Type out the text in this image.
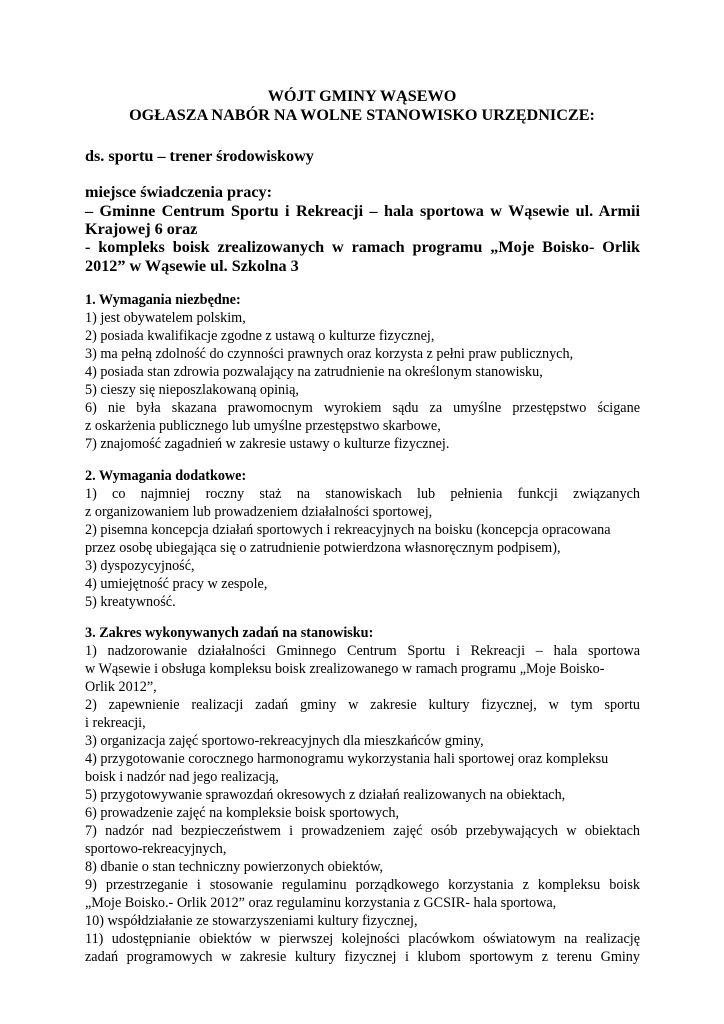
WÓJT GMINY WĄSEWO
OGŁASZA NABÓR NA WOLNE STANOWISKO URZĘDNICZE:
ds. sportu – trener środowiskowy
miejsce świadczenia pracy:
– Gminne Centrum Sportu i Rekreacji – hala sportowa w Wąsewie ul. Armii
Krajowej 6 oraz
- kompleks boisk zrealizowanych w ramach programu „Moje Boisko- Orlik
2012” w Wąsewie ul. Szkolna 3
1. Wymagania niezbędne:
1) jest obywatelem polskim,
2) posiada kwalifikacje zgodne z ustawą o kulturze fizycznej,
3) ma pełną zdolność do czynności prawnych oraz korzysta z pełni praw publicznych,
4) posiada stan zdrowia pozwalający na zatrudnienie na określonym stanowisku,
5) cieszy się nieposzlakowaną opinią,
6) nie była skazana prawomocnym wyrokiem sądu za umyślne przestępstwo ścigane
z oskarżenia publicznego lub umyślne przestępstwo skarbowe,
7) znajomość zagadnień w zakresie ustawy o kulturze fizycznej.
2. Wymagania dodatkowe:
1) co najmniej roczny staż na stanowiskach lub pełnienia funkcji związanych
z organizowaniem lub prowadzeniem działalności sportowej,
2) pisemna koncepcja działań sportowych i rekreacyjnych na boisku (koncepcja opracowana
przez osobę ubiegająca się o zatrudnienie potwierdzona własnoręcznym podpisem),
3) dyspozycyjność,
4) umiejętność pracy w zespole,
5) kreatywność.
3. Zakres wykonywanych zadań na stanowisku:
1) nadzorowanie działalności Gminnego Centrum Sportu i Rekreacji – hala sportowa
w Wąsewie i obsługa kompleksu boisk zrealizowanego w ramach programu „Moje Boisko-
Orlik 2012”,
2) zapewnienie realizacji zadań gminy w zakresie kultury fizycznej, w tym sportu
i rekreacji,
3) organizacja zajęć sportowo-rekreacyjnych dla mieszkańców gminy,
4) przygotowanie corocznego harmonogramu wykorzystania hali sportowej oraz kompleksu
boisk i nadzór nad jego realizacją,
5) przygotowywanie sprawozdań okresowych z działań realizowanych na obiektach,
6) prowadzenie zajęć na kompleksie boisk sportowych,
7) nadzór nad bezpieczeństwem i prowadzeniem zajęć osób przebywających w obiektach
sportowo-rekreacyjnych,
8) dbanie o stan techniczny powierzonych obiektów,
9) przestrzeganie i stosowanie regulaminu porządkowego korzystania z kompleksu boisk
„Moje Boisko.- Orlik 2012” oraz regulaminu korzystania z GCSIR- hala sportowa,
10) współdziałanie ze stowarzyszeniami kultury fizycznej,
11) udostępnianie obiektów w pierwszej kolejności placówkom oświatowym na realizację
zadań programowych w zakresie kultury fizycznej i klubom sportowym z terenu Gminy
